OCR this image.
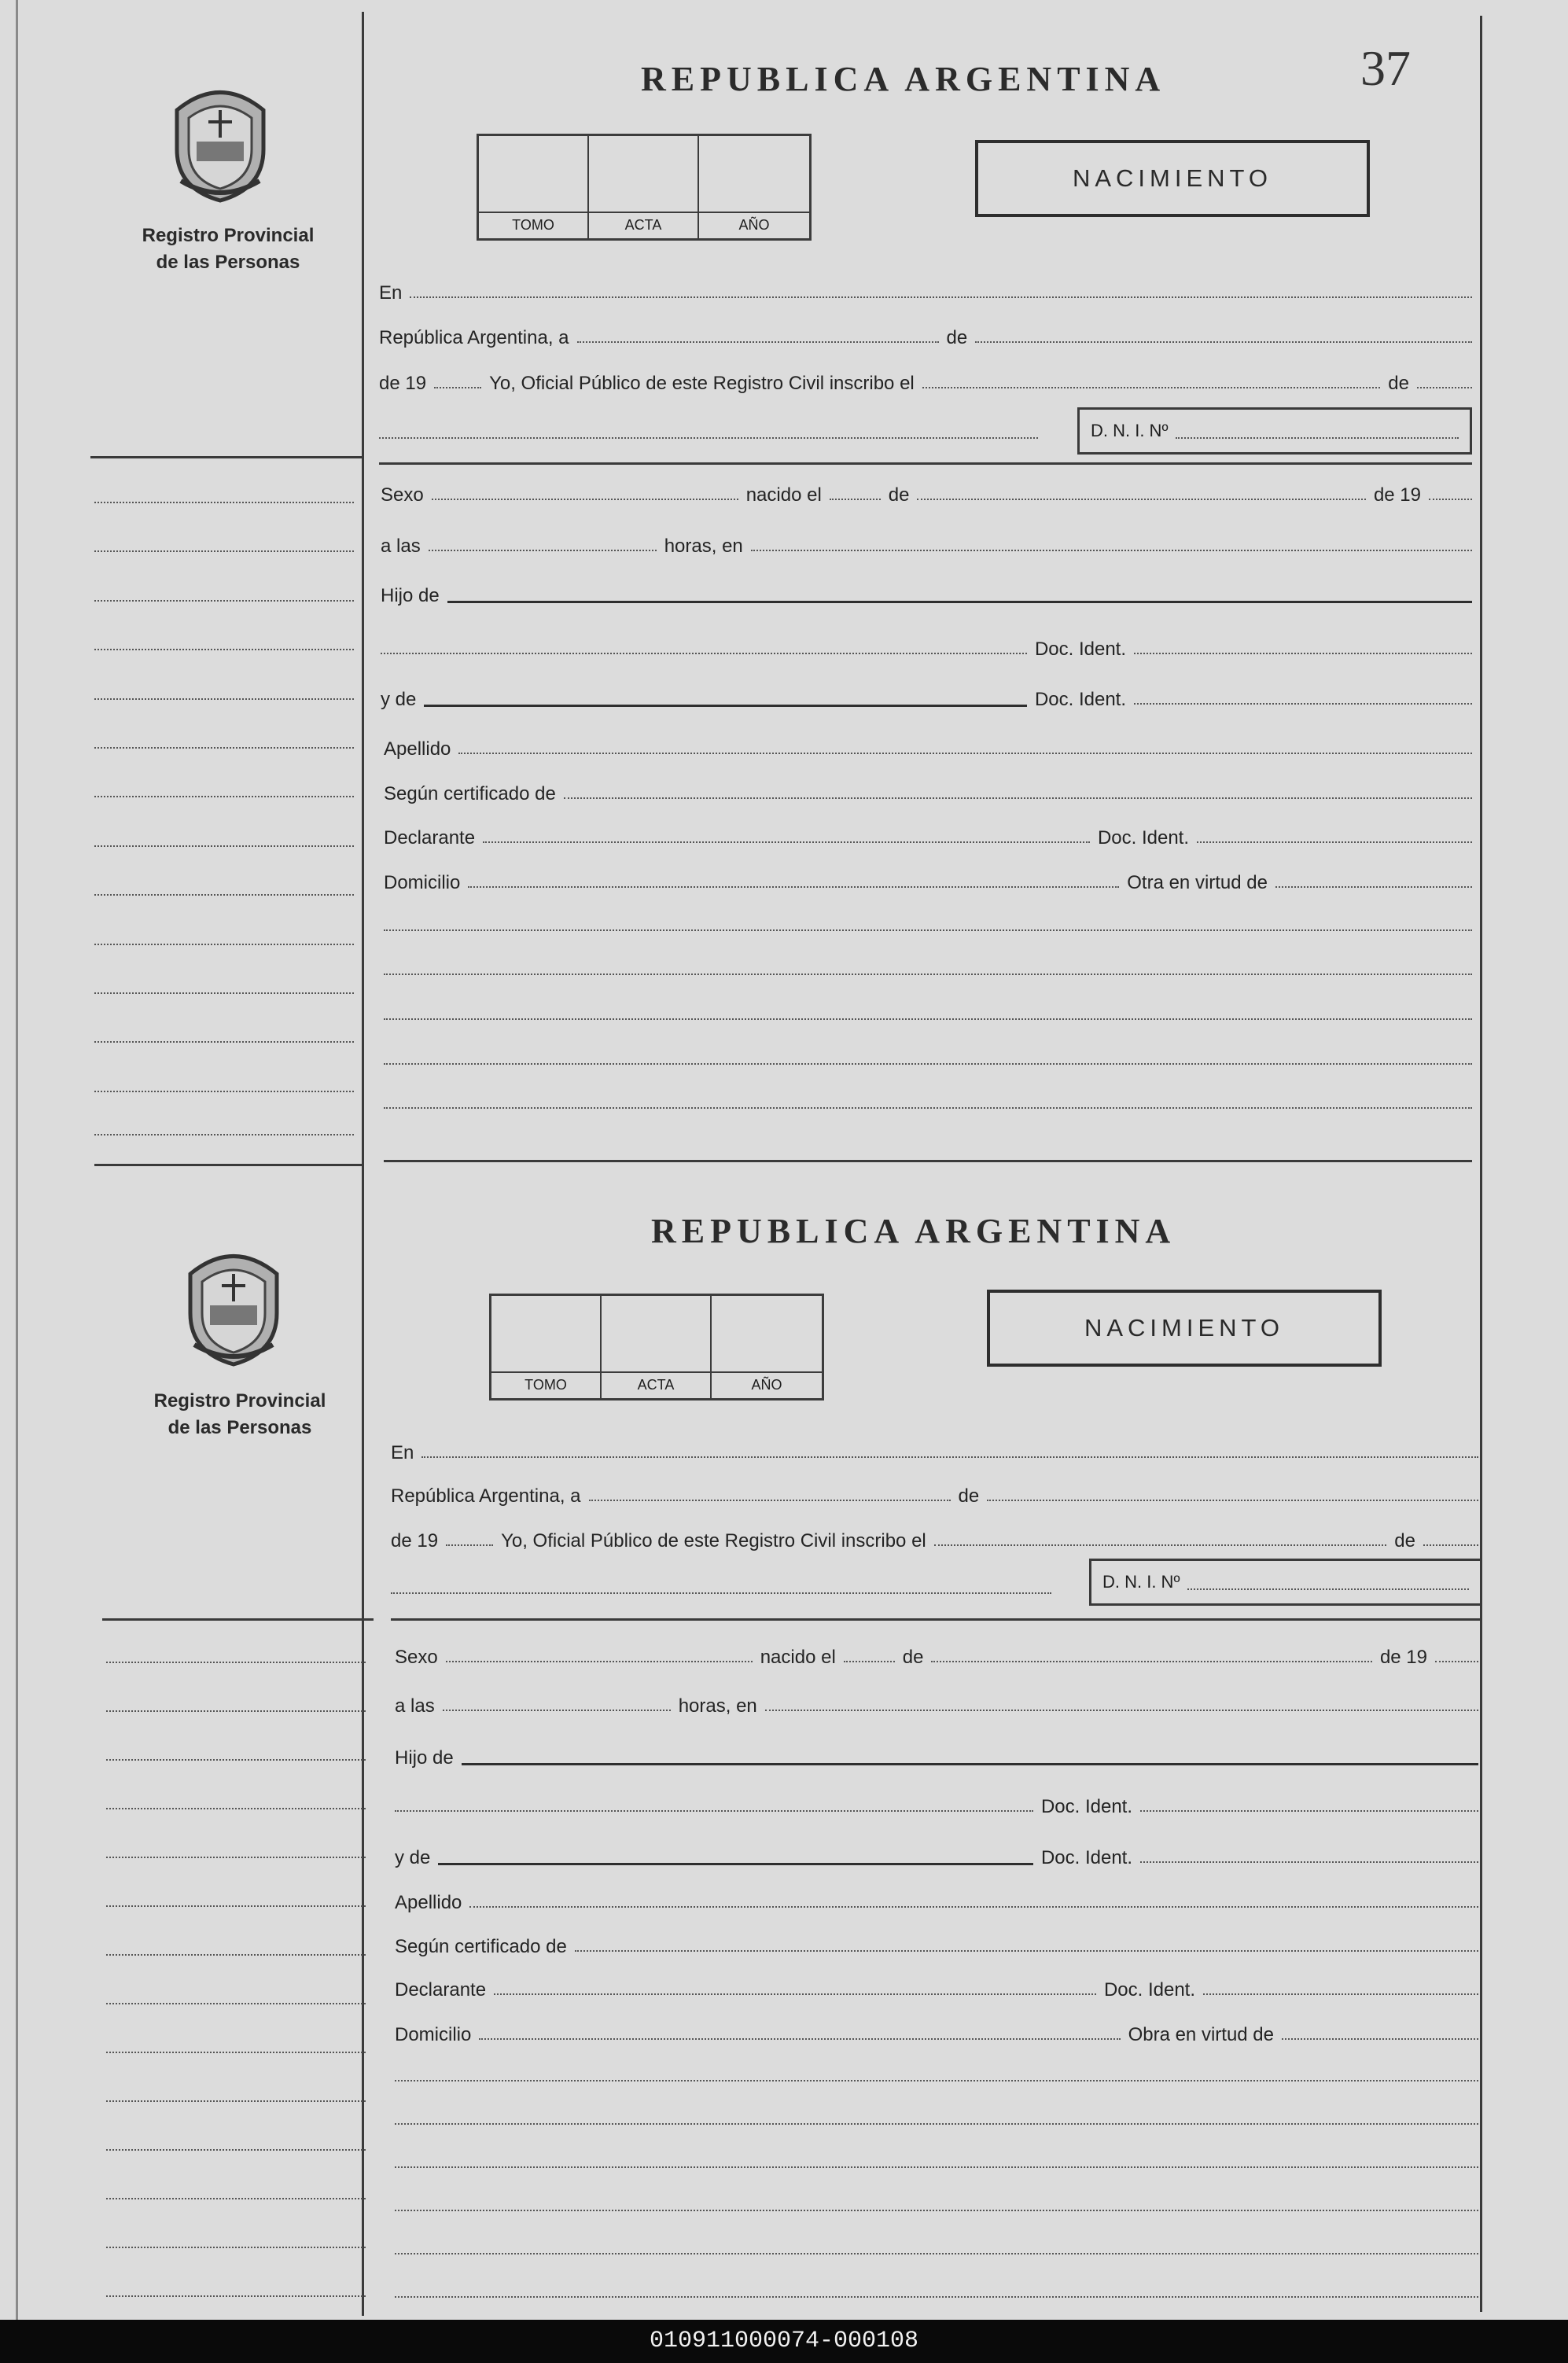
37
Registro Provincial
de las Personas
REPUBLICA ARGENTINA
TOMO	ACTA	AÑO
NACIMIENTO
En
República Argentina, a	de
de 19	Yo, Oficial Público de este Registro Civil inscribo el	de
D. N. I. Nº
Sexo	nacido el	de	de 19
a las	horas, en
Hijo de
Doc. Ident.
y de	Doc. Ident.
Apellido
Según certificado de
Declarante	Doc. Ident.
Domicilio	Otra en virtud de
Registro Provincial
de las Personas
REPUBLICA ARGENTINA
TOMO	ACTA	AÑO
NACIMIENTO
En
República Argentina, a	de
de 19	Yo, Oficial Público de este Registro Civil inscribo el	de
D. N. I. Nº
Sexo	nacido el	de	de 19
a las	horas, en
Hijo de
Doc. Ident.
y de	Doc. Ident.
Apellido
Según certificado de
Declarante	Doc. Ident.
Domicilio	Obra en virtud de
010911000074-000108
